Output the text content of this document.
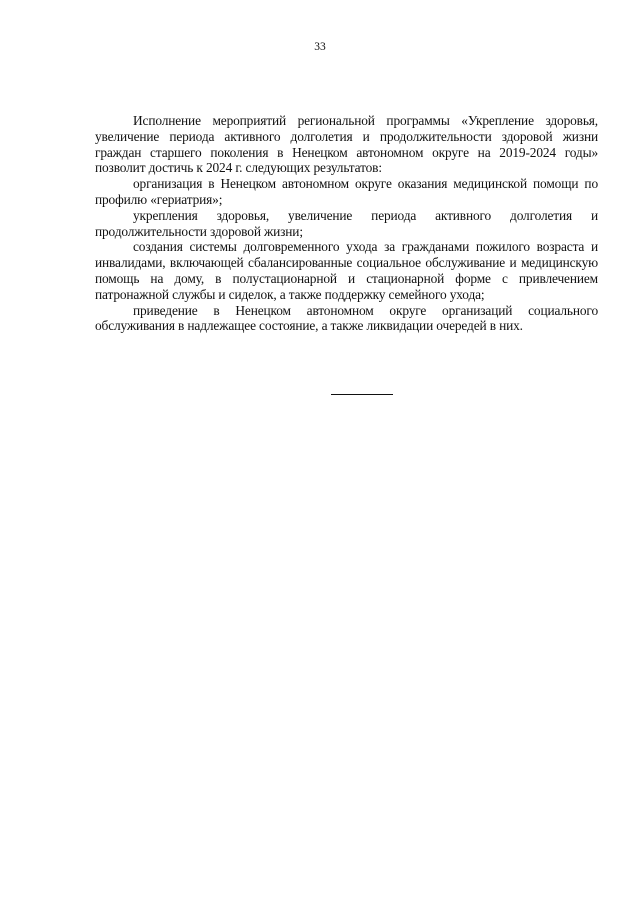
33

Исполнение мероприятий региональной программы «Укрепление здоровья, увеличение периода активного долголетия и продолжительности здоровой жизни граждан старшего поколения в Ненецком автономном округе на 2019-2024 годы» позволит достичь к 2024 г. следующих результатов:

организация в Ненецком автономном округе оказания медицинской помощи по профилю «гериатрия»;

укрепления здоровья, увеличение периода активного долголетия и продолжительности здоровой жизни;

создания системы долговременного ухода за гражданами пожилого возраста и инвалидами, включающей сбалансированные социальное обслуживание и медицинскую помощь на дому, в полустационарной и стационарной форме с привлечением патронажной службы и сиделок, а также поддержку семейного ухода;

приведение в Ненецком автономном округе организаций социального обслуживания в надлежащее состояние, а также ликвидации очередей в них.
